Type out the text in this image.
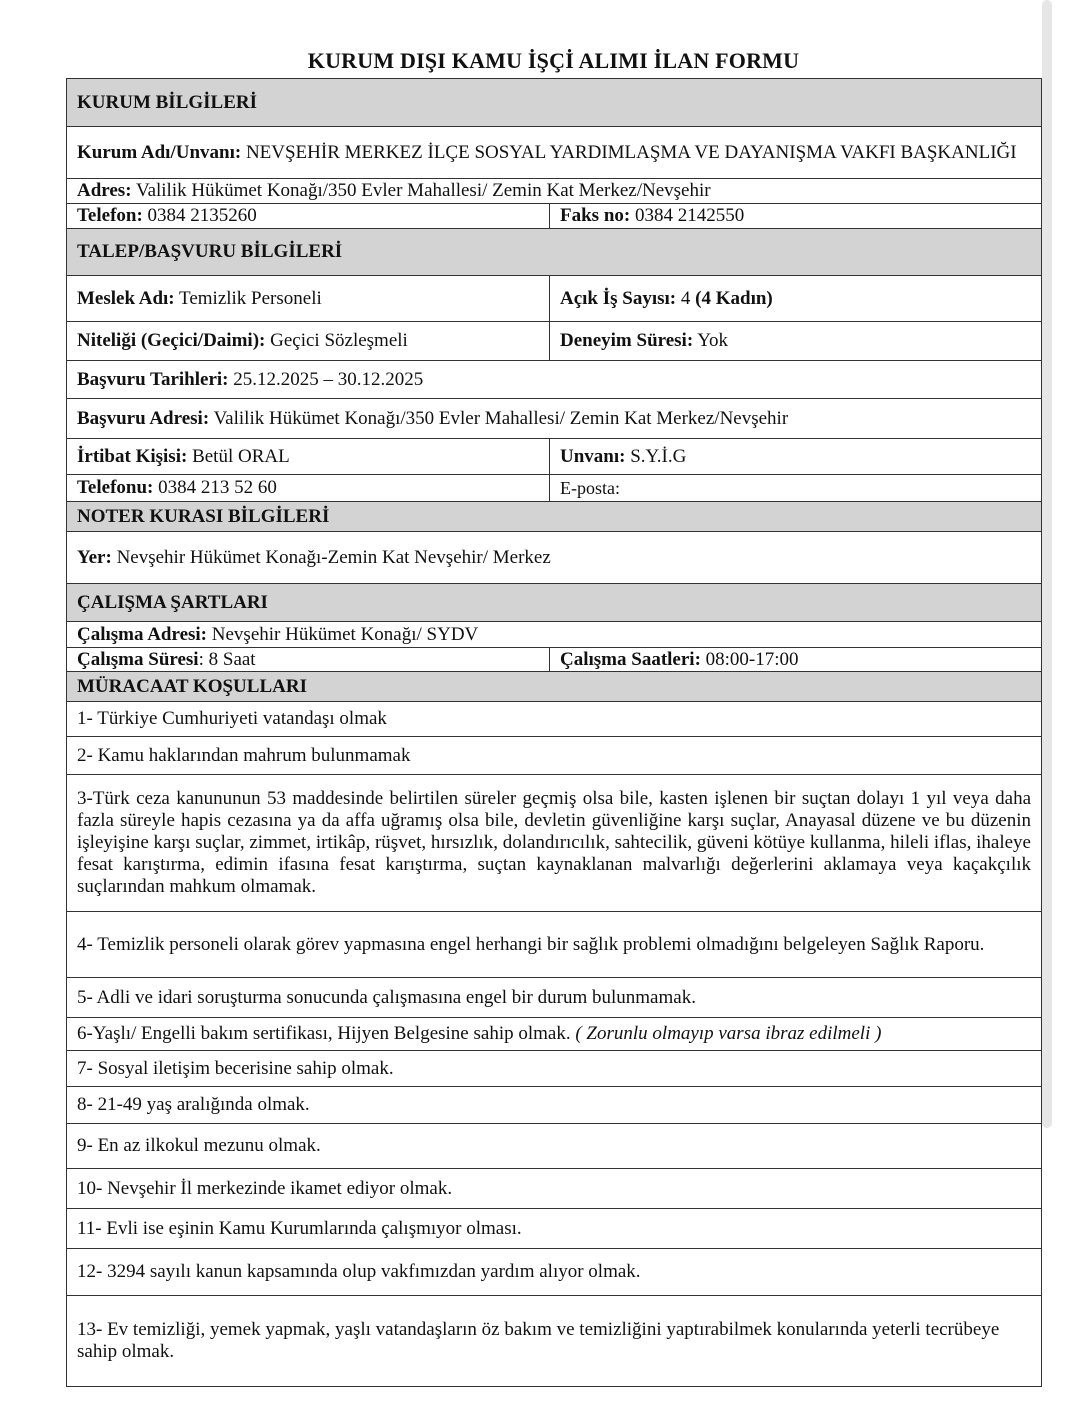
KURUM DIŞI KAMU İŞÇİ ALIMI İLAN FORMU
KURUM BİLGİLERİ	
Kurum Adı/Unvanı: NEVŞEHİR MERKEZ İLÇE SOSYAL YARDIMLAŞMA VE DAYANIŞMA VAKFI BAŞKANLIĞI	
Adres: Valilik Hükümet Konağı/350 Evler Mahallesi/ Zemin Kat Merkez/Nevşehir	
Telefon: 0384 2135260	Faks no: 0384 2142550
TALEP/BAŞVURU BİLGİLERİ	
Meslek Adı: Temizlik Personeli	Açık İş Sayısı: 4 (4 Kadın)
Niteliği (Geçici/Daimi): Geçici Sözleşmeli	Deneyim Süresi: Yok
Başvuru Tarihleri: 25.12.2025 – 30.12.2025	
Başvuru Adresi: Valilik Hükümet Konağı/350 Evler Mahallesi/ Zemin Kat Merkez/Nevşehir	
İrtibat Kişisi: Betül ORAL	Unvanı: S.Y.İ.G
Telefonu: 0384 213 52 60	E-posta:
NOTER KURASI BİLGİLERİ	
Yer: Nevşehir Hükümet Konağı-Zemin Kat Nevşehir/ Merkez	
ÇALIŞMA ŞARTLARI	
Çalışma Adresi: Nevşehir Hükümet Konağı/ SYDV	
Çalışma Süresi: 8 Saat	Çalışma Saatleri: 08:00-17:00
MÜRACAAT KOŞULLARI	
1- Türkiye Cumhuriyeti vatandaşı olmak	
2- Kamu haklarından mahrum bulunmamak	
3-Türk ceza kanununun 53 maddesinde belirtilen süreler geçmiş olsa bile, kasten işlenen bir suçtan dolayı 1 yıl veya daha fazla süreyle hapis cezasına ya da affa uğramış olsa bile, devletin güvenliğine karşı suçlar, Anayasal düzene ve bu düzenin işleyişine karşı suçlar, zimmet, irtikâp, rüşvet, hırsızlık, dolandırıcılık, sahtecilik, güveni kötüye kullanma, hileli iflas, ihaleye fesat karıştırma, edimin ifasına fesat karıştırma, suçtan kaynaklanan malvarlığı değerlerini aklamaya veya kaçakçılık suçlarından mahkum olmamak.	
4- Temizlik personeli olarak görev yapmasına engel herhangi bir sağlık problemi olmadığını belgeleyen Sağlık Raporu.	
5- Adli ve idari soruşturma sonucunda çalışmasına engel bir durum bulunmamak.	
6-Yaşlı/ Engelli bakım sertifikası, Hijyen Belgesine sahip olmak. ( Zorunlu olmayıp varsa ibraz edilmeli )	
7- Sosyal iletişim becerisine sahip olmak.	
8- 21-49 yaş aralığında olmak.	
9- En az ilkokul mezunu olmak.	
10- Nevşehir İl merkezinde ikamet ediyor olmak.	
11- Evli ise eşinin Kamu Kurumlarında çalışmıyor olması.	
12- 3294 sayılı kanun kapsamında olup vakfımızdan yardım alıyor olmak.	
13- Ev temizliği, yemek yapmak, yaşlı vatandaşların öz bakım ve temizliğini yaptırabilmek konularında yeterli tecrübeye sahip olmak.	
